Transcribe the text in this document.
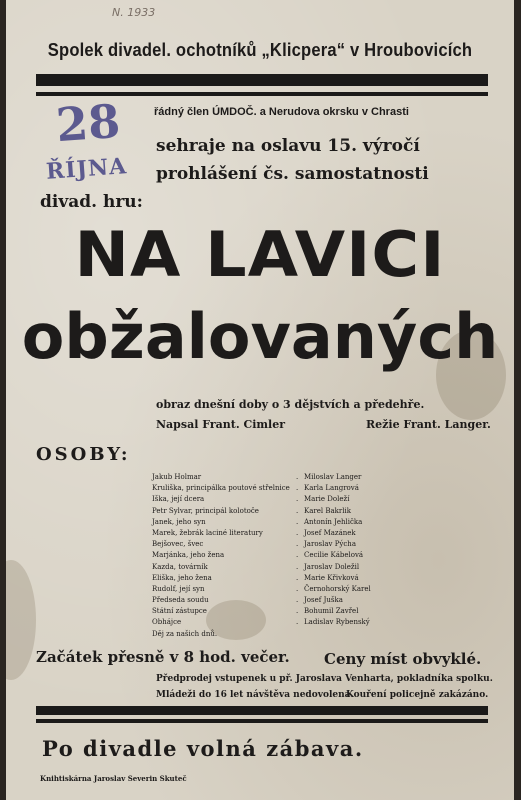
N. 1933
Spolek divadel. ochotníků „Klicpera“ v Hroubovicích
28
ŘÍJNA
řádný člen ÚMDOČ. a Nerudova okrsku v Chrasti
sehraje na oslavu 15. výročí
prohlášení čs. samostatnosti
divad. hru:
NA LAVICI
obžalovaných
obraz dnešní doby o 3 dějstvích a předehře.
Napsal Frant. Cimler	Režie Frant. Langer.
OSOBY:
Jakub Holmar	. Miloslav Langer
Kruliška, principálka poutové střelnice . Karla Langrová
Iška, její dcera	. Marie Doleží
Petr Sylvar, principál kolotoče	. Karel Bakrlik
Janek, jeho syn	. Antonín Jehlička
Marek, žebrák laciné literatury	. Josef Mazánek
Bejšovec, švec	. Jaroslav Pýcha
Marjánka, jeho žena	. Cecilie Kábelová
Kazda, továrník	. Jaroslav Doležil
Eliška, jeho žena	. Marie Křivková
Rudolf, její syn	. Černohorský Karel
Předseda soudu	. Josef Juška
Státní zástupce	. Bohumil Zavřel
Obhájce	. Ladislav Rybenský
Děj za našich dnů.
Začátek přesně v 8 hod. večer. Ceny míst obvyklé.
Předprodej vstupenek u př. Jaroslava Venharta, pokladníka spolku.
Mládeži do 16 let návštěva nedovolena.
Kouření policejně zakázáno.
Po divadle volná zábava.
Knihtiskárna Jaroslav Severin Skuteč
